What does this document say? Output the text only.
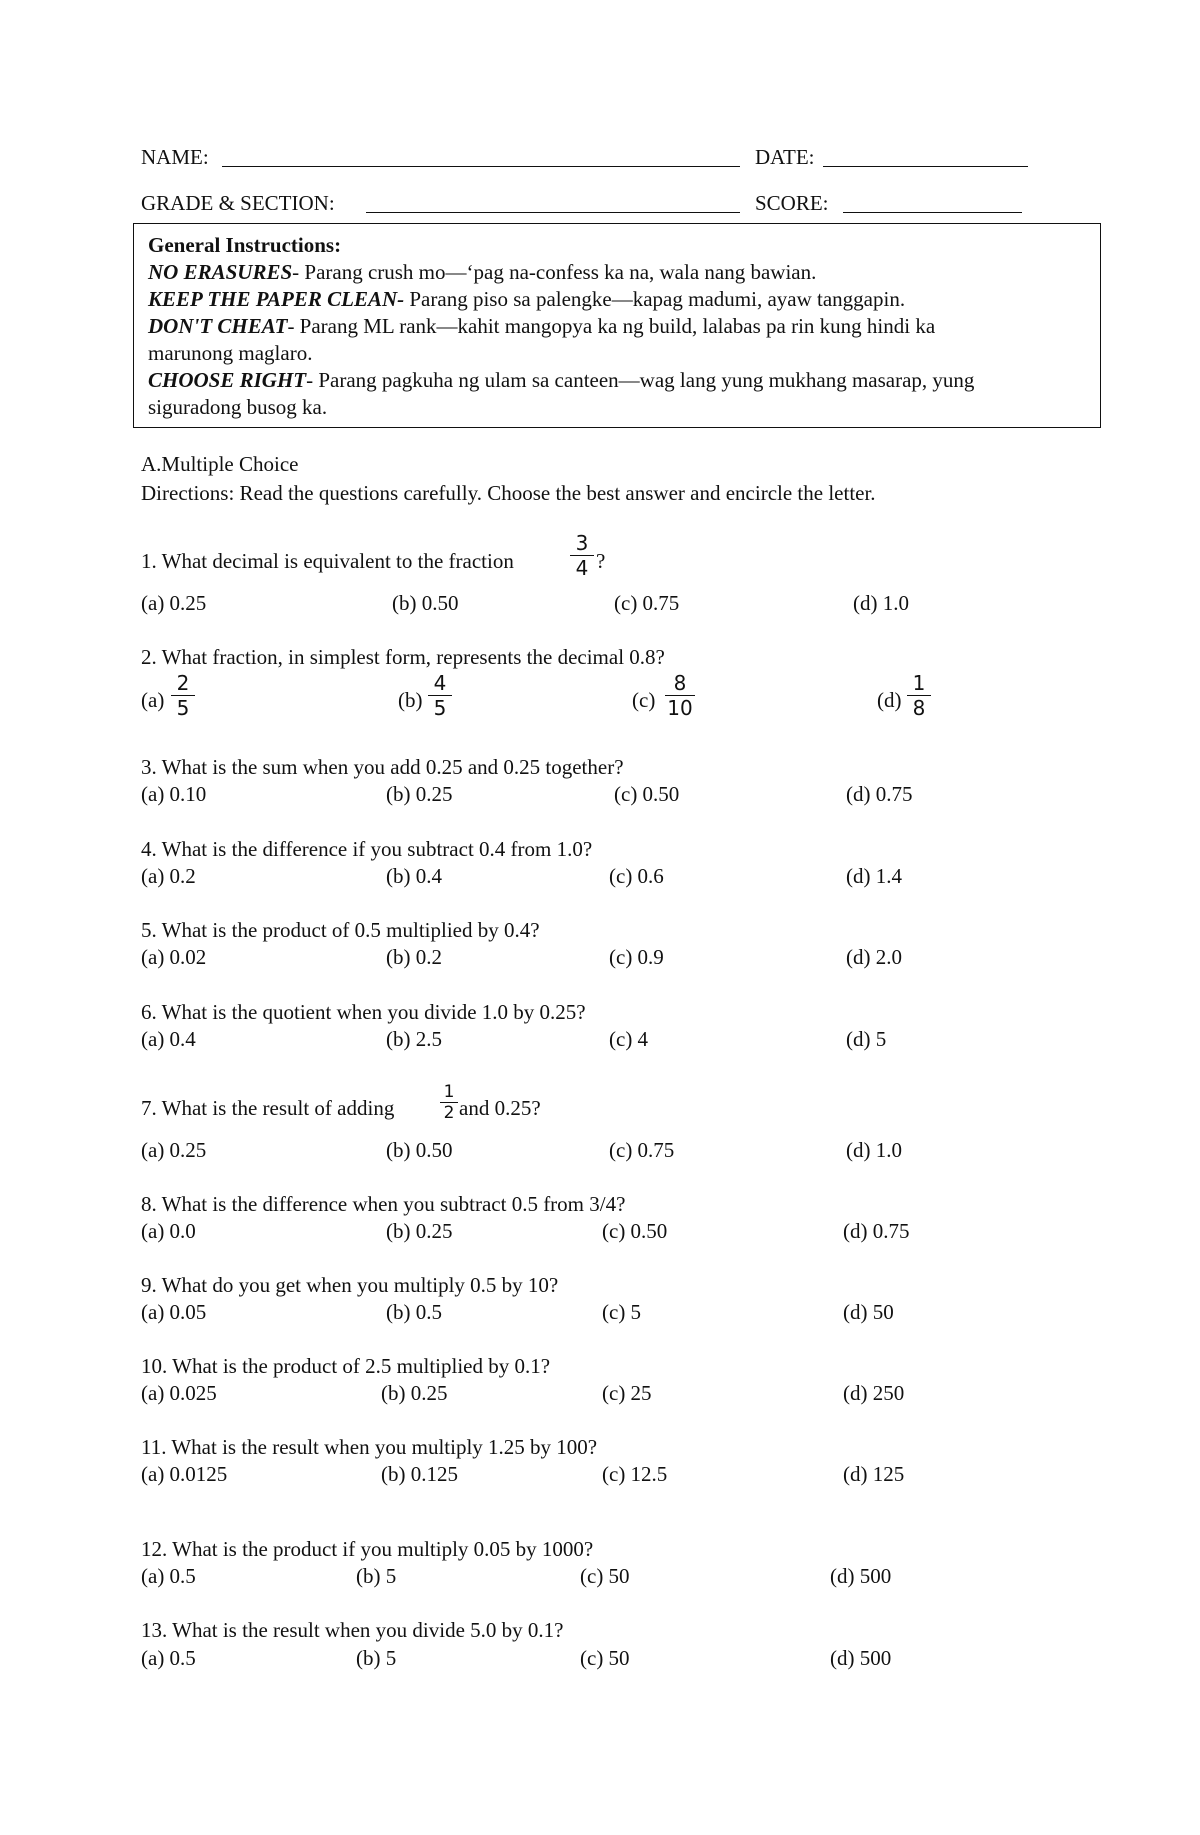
NAME:	DATE:
GRADE & SECTION:	SCORE:
General Instructions:
NO ERASURES- Parang crush mo—‘pag na-confess ka na, wala nang bawian.
KEEP THE PAPER CLEAN- Parang piso sa palengke—kapag madumi, ayaw tanggapin.
DON'T CHEAT- Parang ML rank—kahit mangopya ka ng build, lalabas pa rin kung hindi ka
marunong maglaro.
CHOOSE RIGHT- Parang pagkuha ng ulam sa canteen—wag lang yung mukhang masarap, yung
siguradong busog ka.
A.Multiple Choice
Directions: Read the questions carefully. Choose the best answer and encircle the letter.
1. What decimal is equivalent to the fraction
3
4 ?
(a) 0.25	(b) 0.50	(c) 0.75	(d) 1.0
2. What fraction, in simplest form, represents the decimal 0.8?
(a)
2
5	(b)
4
5	(c)
8
10	(d)
1
8
3. What is the sum when you add 0.25 and 0.25 together?
(a) 0.10	(b) 0.25	(c) 0.50	(d) 0.75
4. What is the difference if you subtract 0.4 from 1.0?
(a) 0.2	(b) 0.4	(c) 0.6	(d) 1.4
5. What is the product of 0.5 multiplied by 0.4?
(a) 0.02	(b) 0.2	(c) 0.9	(d) 2.0
6. What is the quotient when you divide 1.0 by 0.25?
(a) 0.4	(b) 2.5	(c) 4	(d) 5
7. What is the result of adding
1
2 and 0.25?
(a) 0.25	(b) 0.50	(c) 0.75	(d) 1.0
8. What is the difference when you subtract 0.5 from 3/4?
(a) 0.0	(b) 0.25	(c) 0.50	(d) 0.75
9. What do you get when you multiply 0.5 by 10?
(a) 0.05	(b) 0.5	(c) 5	(d) 50
10. What is the product of 2.5 multiplied by 0.1?
(a) 0.025	(b) 0.25	(c) 25	(d) 250
11. What is the result when you multiply 1.25 by 100?
(a) 0.0125	(b) 0.125	(c) 12.5	(d) 125
12. What is the product if you multiply 0.05 by 1000?
(a) 0.5	(b) 5	(c) 50	(d) 500
13. What is the result when you divide 5.0 by 0.1?
(a) 0.5	(b) 5	(c) 50	(d) 500
